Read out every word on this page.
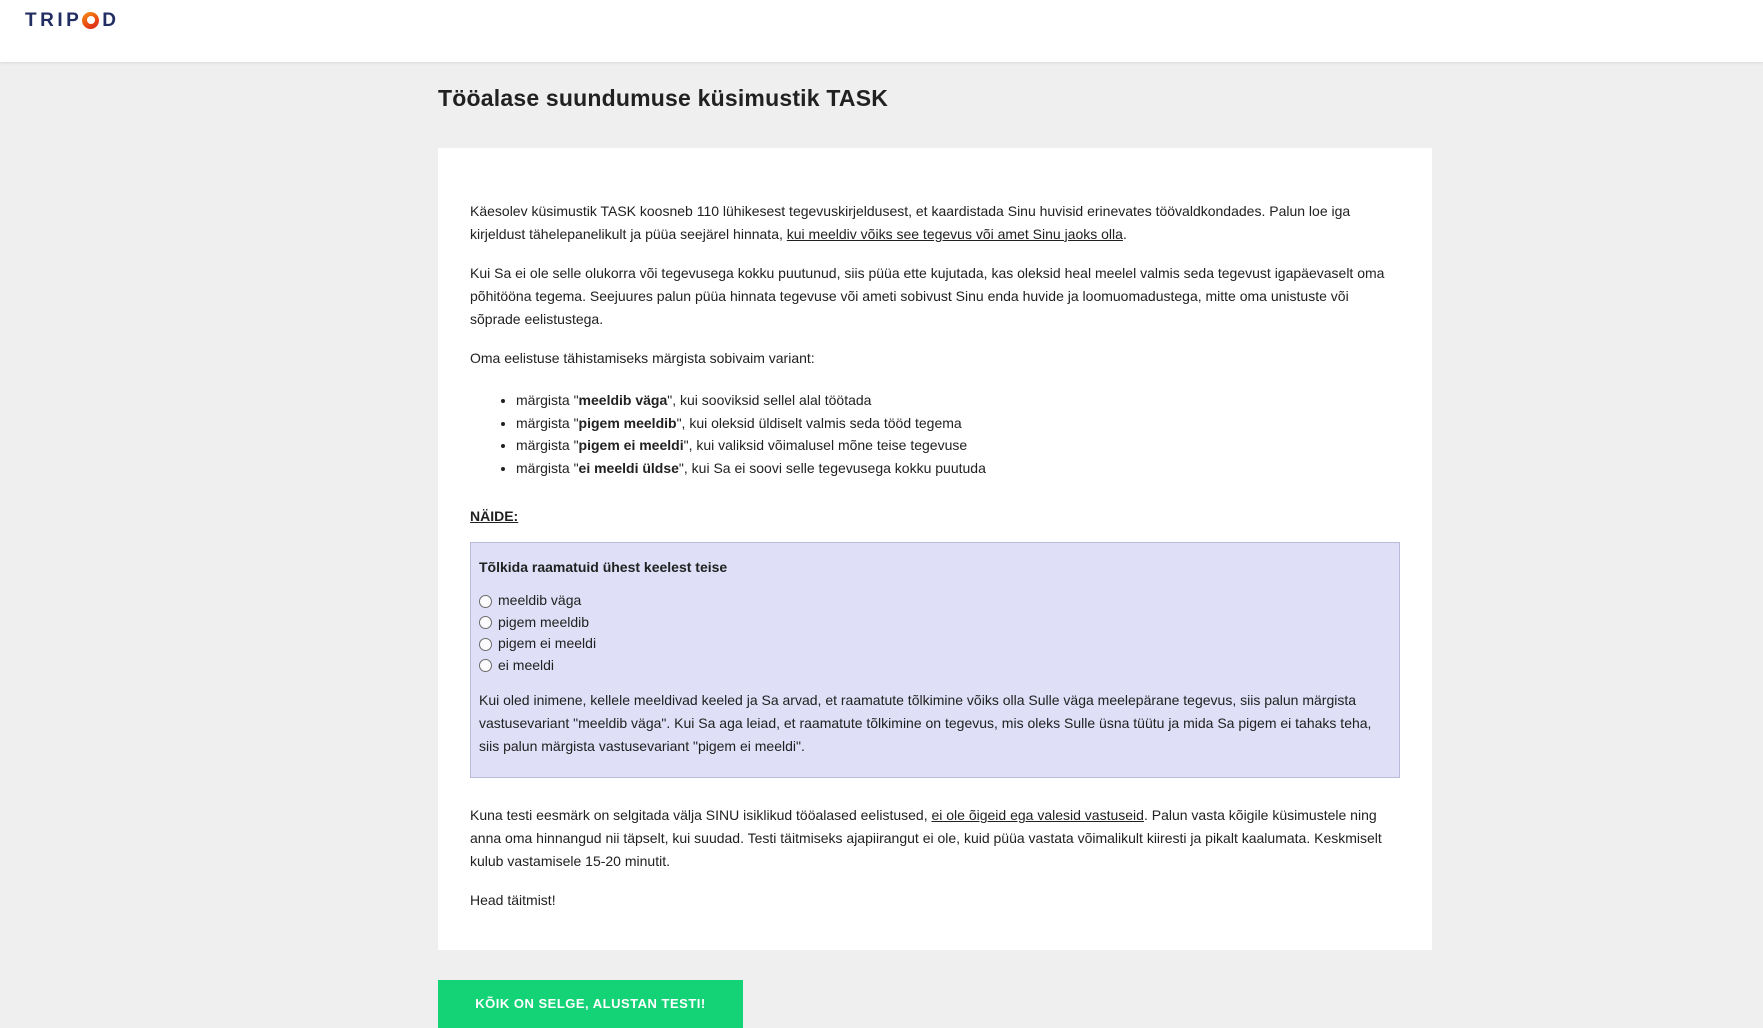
TRIP D
Tööalase suundumuse küsimustik TASK

Käesolev küsimustik TASK koosneb 110 lühikesest tegevuskirjeldusest, et kaardistada Sinu huvisid erinevates töövaldkondades. Palun loe iga kirjeldust tähelepanelikult ja püüa seejärel hinnata, kui meeldiv võiks see tegevus või amet Sinu jaoks olla.

Kui Sa ei ole selle olukorra või tegevusega kokku puutunud, siis püüa ette kujutada, kas oleksid heal meelel valmis seda tegevust igapäevaselt oma põhitööna tegema. Seejuures palun püüa hinnata tegevuse või ameti sobivust Sinu enda huvide ja loomuomadustega, mitte oma unistuste või sõprade eelistustega.

Oma eelistuse tähistamiseks märgista sobivaim variant:

• märgista "meeldib väga", kui sooviksid sellel alal töötada
• märgista "pigem meeldib", kui oleksid üldiselt valmis seda tööd tegema
• märgista "pigem ei meeldi", kui valiksid võimalusel mõne teise tegevuse
• märgista "ei meeldi üldse", kui Sa ei soovi selle tegevusega kokku puutuda

NÄIDE:

Tõlkida raamatuid ühest keelest teise

meeldib väga
pigem meeldib
pigem ei meeldi
ei meeldi

Kui oled inimene, kellele meeldivad keeled ja Sa arvad, et raamatute tõlkimine võiks olla Sulle väga meelepärane tegevus, siis palun märgista vastusevariant "meeldib väga". Kui Sa aga leiad, et raamatute tõlkimine on tegevus, mis oleks Sulle üsna tüütu ja mida Sa pigem ei tahaks teha, siis palun märgista vastusevariant "pigem ei meeldi".

Kuna testi eesmärk on selgitada välja SINU isiklikud tööalased eelistused, ei ole õigeid ega valesid vastuseid. Palun vasta kõigile küsimustele ning anna oma hinnangud nii täpselt, kui suudad. Testi täitmiseks ajapiirangut ei ole, kuid püüa vastata võimalikult kiiresti ja pikalt kaalumata. Keskmiselt kulub vastamisele 15-20 minutit.

Head täitmist!

KÕIK ON SELGE, ALUSTAN TESTI!
